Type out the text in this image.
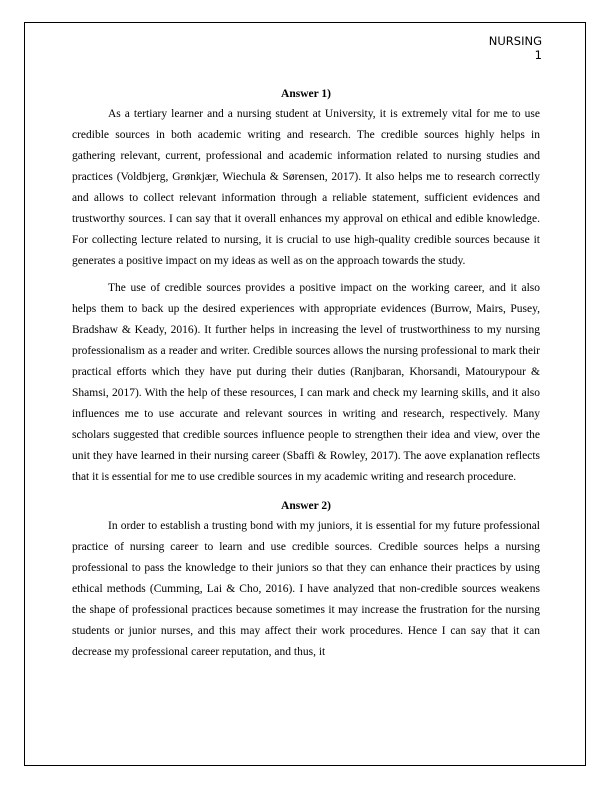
NURSING
1
Answer 1)

As a tertiary learner and a nursing student at University, it is extremely vital for me to use credible sources in both academic writing and research. The credible sources highly helps in gathering relevant, current, professional and academic information related to nursing studies and practices (Voldbjerg, Grønkjær, Wiechula & Sørensen, 2017). It also helps me to research correctly and allows to collect relevant information through a reliable statement, sufficient evidences and trustworthy sources. I can say that it overall enhances my approval on ethical and edible knowledge. For collecting lecture related to nursing, it is crucial to use high-quality credible sources because it generates a positive impact on my ideas as well as on the approach towards the study.

The use of credible sources provides a positive impact on the working career, and it also helps them to back up the desired experiences with appropriate evidences (Burrow, Mairs, Pusey, Bradshaw & Keady, 2016). It further helps in increasing the level of trustworthiness to my nursing professionalism as a reader and writer. Credible sources allows the nursing professional to mark their practical efforts which they have put during their duties (Ranjbaran, Khorsandi, Matourypour & Shamsi, 2017). With the help of these resources, I can mark and check my learning skills, and it also influences me to use accurate and relevant sources in writing and research, respectively. Many scholars suggested that credible sources influence people to strengthen their idea and view, over the unit they have learned in their nursing career (Sbaffi & Rowley, 2017). The aove explanation reflects that it is essential for me to use credible sources in my academic writing and research procedure.

Answer 2)

In order to establish a trusting bond with my juniors, it is essential for my future professional practice of nursing career to learn and use credible sources. Credible sources helps a nursing professional to pass the knowledge to their juniors so that they can enhance their practices by using ethical methods (Cumming, Lai & Cho, 2016). I have analyzed that non-credible sources weakens the shape of professional practices because sometimes it may increase the frustration for the nursing students or junior nurses, and this may affect their work procedures. Hence I can say that it can decrease my professional career reputation, and thus, it
